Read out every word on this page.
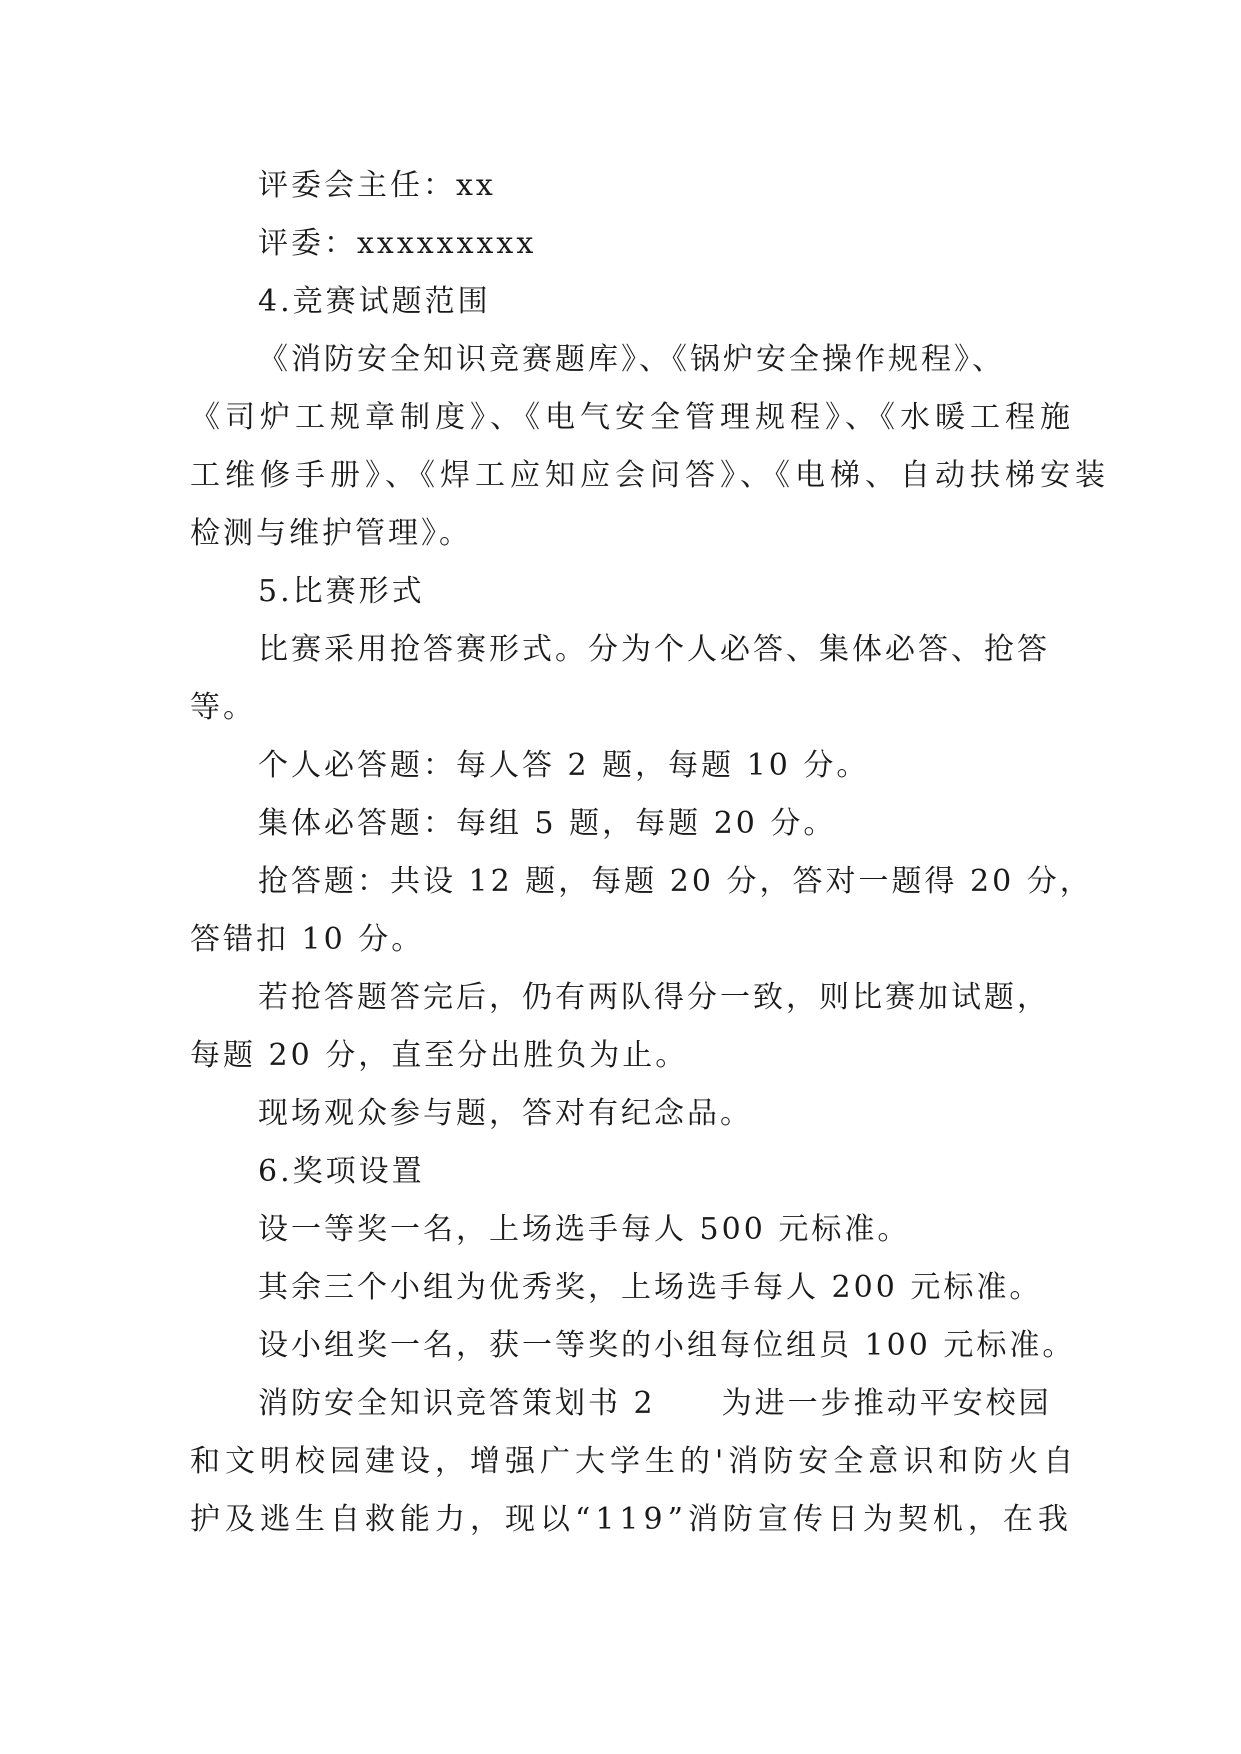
评委会主任：xx
评委：xxxxxxxxx
4.竞赛试题范围
《消防安全知识竞赛题库》、《锅炉安全操作规程》、
《司炉工规章制度》、《电气安全管理规程》、《水暖工程施
工维修手册》、《焊工应知应会问答》、《电梯、自动扶梯安装
检测与维护管理》。
5.比赛形式
比赛采用抢答赛形式。分为个人必答、集体必答、抢答
等。
个人必答题：每人答 2 题，每题 10 分。
集体必答题：每组 5 题，每题 20 分。
抢答题：共设 12 题，每题 20 分，答对一题得 20 分，
答错扣 10 分。
若抢答题答完后，仍有两队得分一致，则比赛加试题，
每题 20 分，直至分出胜负为止。
现场观众参与题，答对有纪念品。
6.奖项设置
设一等奖一名，上场选手每人 500 元标准。
其余三个小组为优秀奖，上场选手每人 200 元标准。
设小组奖一名，获一等奖的小组每位组员 100 元标准。
消防安全知识竞答策划书 2　　为进一步推动平安校园
和文明校园建设，增强广大学生的'消防安全意识和防火自
护及逃生自救能力，现以“119”消防宣传日为契机，在我
